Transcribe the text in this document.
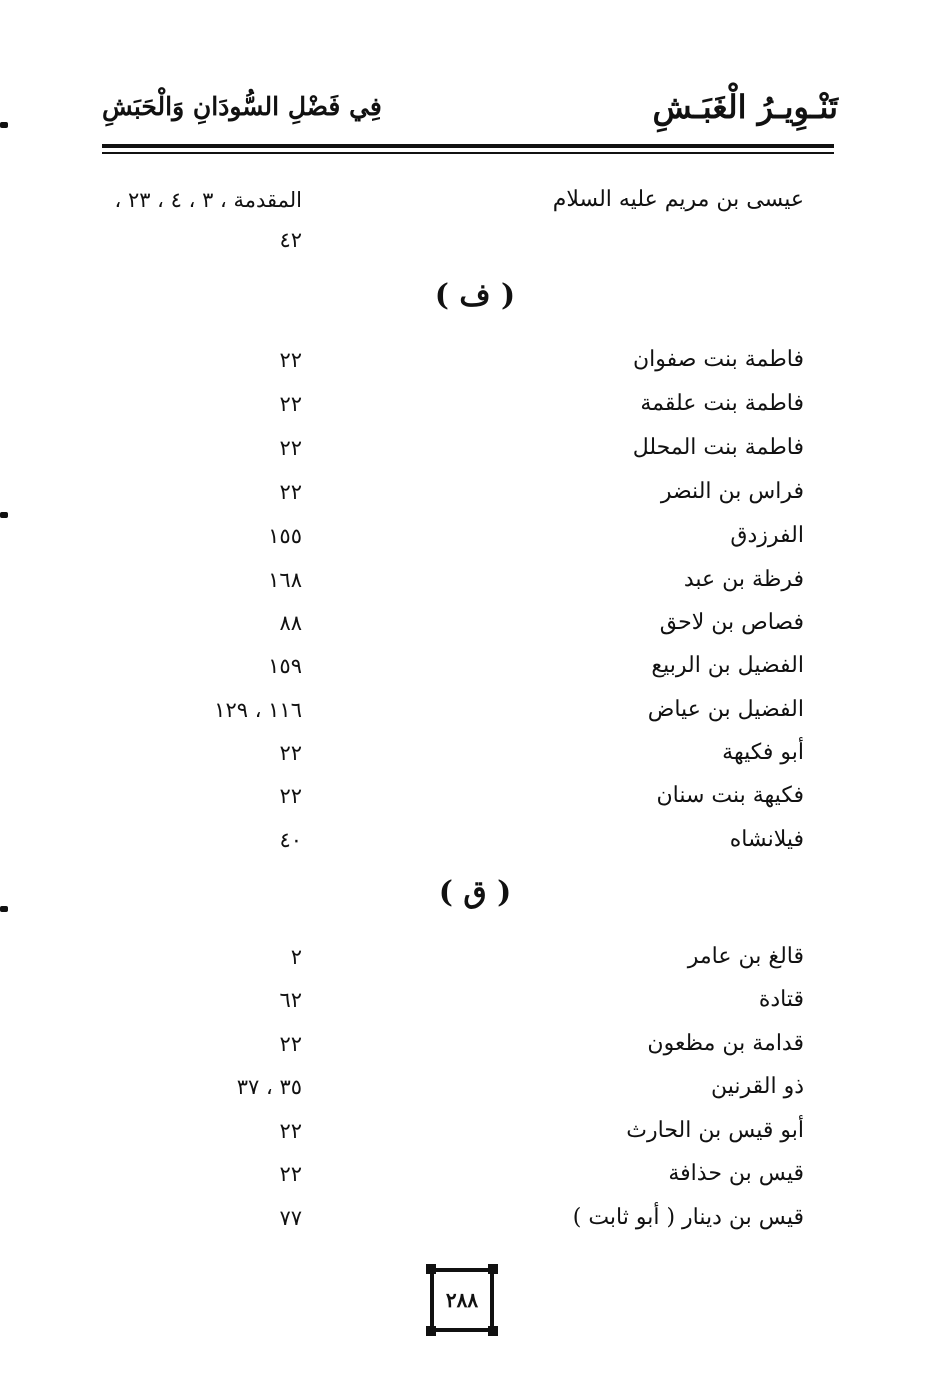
تَنْـوِيـرُ الْغَبَـشِ
فِي فَضْلِ السُّودَانِ وَالْحَبَشِ
عيسى بن مريم عليه السلام
المقدمة ، ٣ ، ٤ ، ٢٣ ،
٤٢
( ف )
فاطمة بنت صفوان
٢٢
فاطمة بنت علقمة
٢٢
فاطمة بنت المحلل
٢٢
فراس بن النضر
٢٢
الفرزدق
١٥٥
فرظة بن عبد
١٦٨
فصاص بن لاحق
٨٨
الفضيل بن الربيع
١٥٩
الفضيل بن عياض
١١٦ ، ١٢٩
أبو فكيهة
٢٢
فكيهة بنت سنان
٢٢
فيلانشاه
٤٠
( ق )
قالغ بن عامر
٢
قتادة
٦٢
قدامة بن مظعون
٢٢
ذو القرنين
٣٥ ، ٣٧
أبو قيس بن الحارث
٢٢
قيس بن حذافة
٢٢
قيس بن دينار ( أبو ثابت )
٧٧
٢٨٨
